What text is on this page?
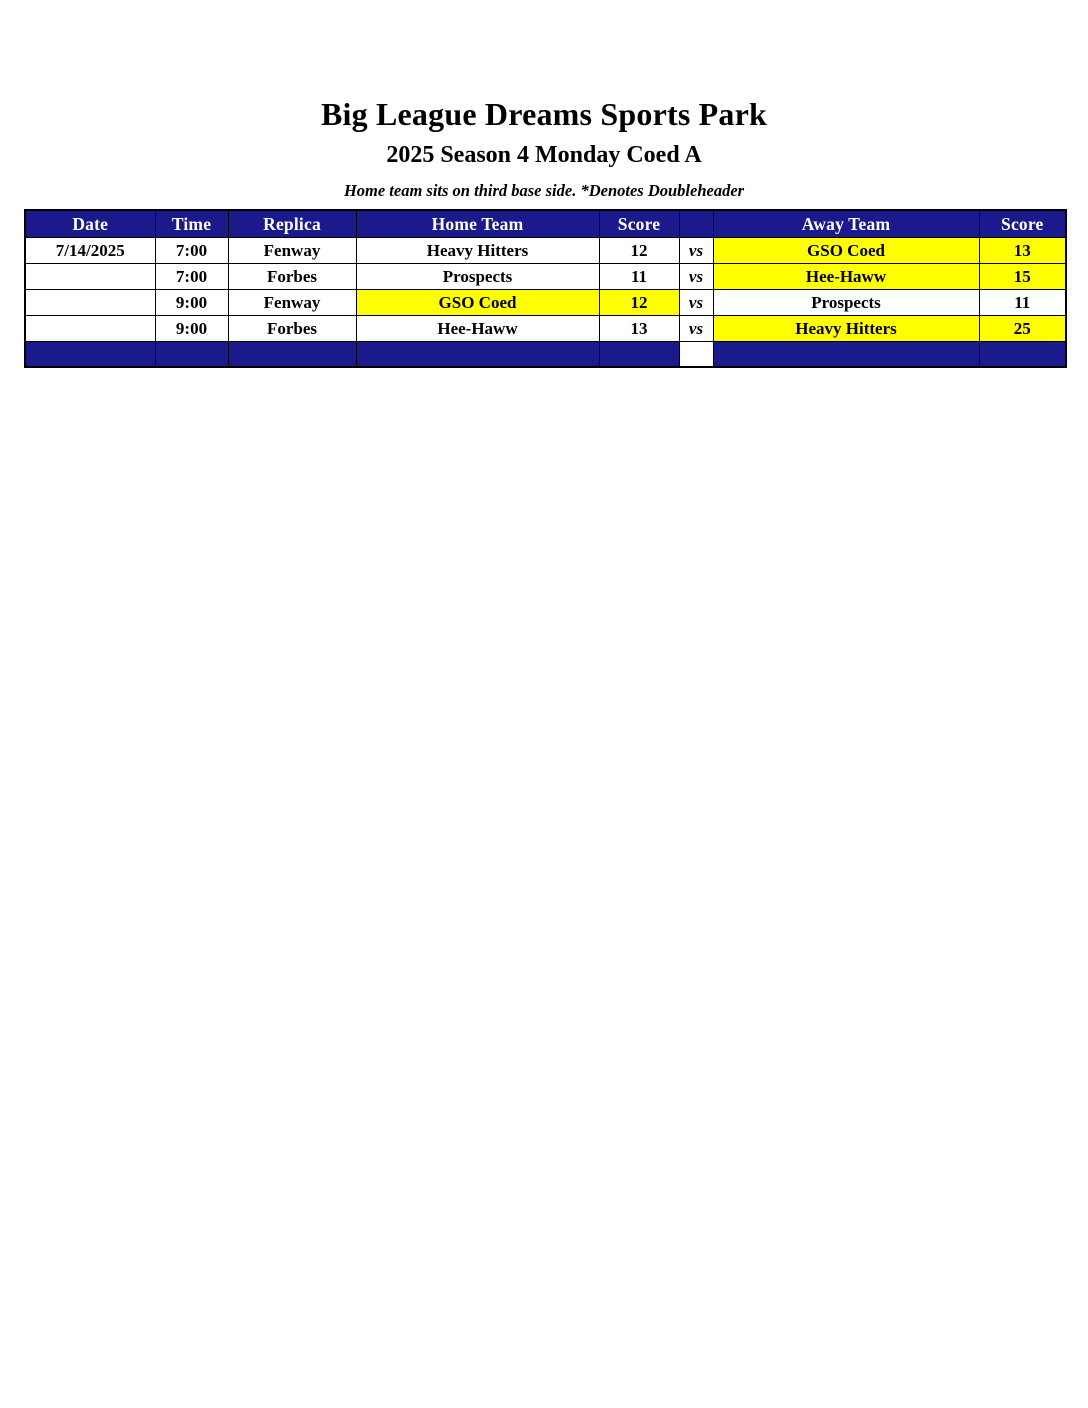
Big League Dreams Sports Park
2025 Season 4 Monday Coed A

Home team sits on third base side. *Denotes Doubleheader

Date	Time	Replica	Home Team	Score		Away Team	Score
7/14/2025	7:00	Fenway	Heavy Hitters	12	vs	GSO Coed	13
	7:00	Forbes	Prospects	11	vs	Hee-Haww	15
	9:00	Fenway	GSO Coed	12	vs	Prospects	11
	9:00	Forbes	Hee-Haww	13	vs	Heavy Hitters	25
